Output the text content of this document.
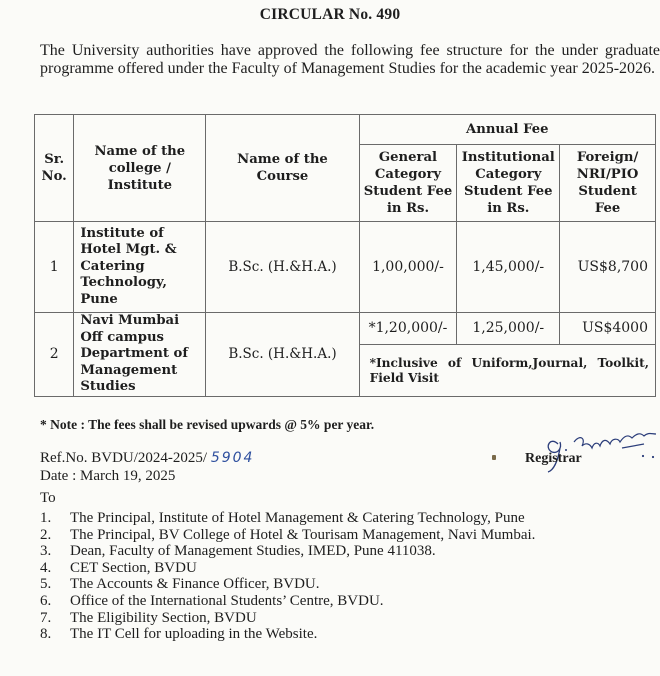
CIRCULAR No. 490
The University authorities have approved the following fee structure for the under graduate programme offered under the Faculty of Management Studies for the academic year 2025-2026.
Sr. No.	Name of the college / Institute	Name of the Course	Annual Fee		
			General Category Student Fee in Rs.	Institutional Category Student Fee in Rs.	Foreign/ NRI/PIO Student Fee
1	Institute of Hotel Mgt. & Catering Technology, Pune	B.Sc. (H.&H.A.)	1,00,000/-	1,45,000/-	US$8,700
2	Navi Mumbai Off campus Department of Management Studies	B.Sc. (H.&H.A.)	*1,20,000/-	1,25,000/-	US$4000

			*Inclusive of Uniform,Journal, Toolkit,
Field Visit		
* Note : The fees shall be revised upwards @ 5% per year.
Ref.No. BVDU/2024-2025/ 5904
Date : March 19, 2025
Registrar
To
1.	The Principal, Institute of Hotel Management & Catering Technology, Pune
2.	The Principal, BV College of Hotel & Tourisam Management, Navi Mumbai.
3.	Dean, Faculty of Management Studies, IMED, Pune 411038.
4.	CET Section, BVDU
5.	The Accounts & Finance Officer, BVDU.
6.	Office of the International Students’ Centre, BVDU.
7.	The Eligibility Section, BVDU
8.	The IT Cell for uploading in the Website.
